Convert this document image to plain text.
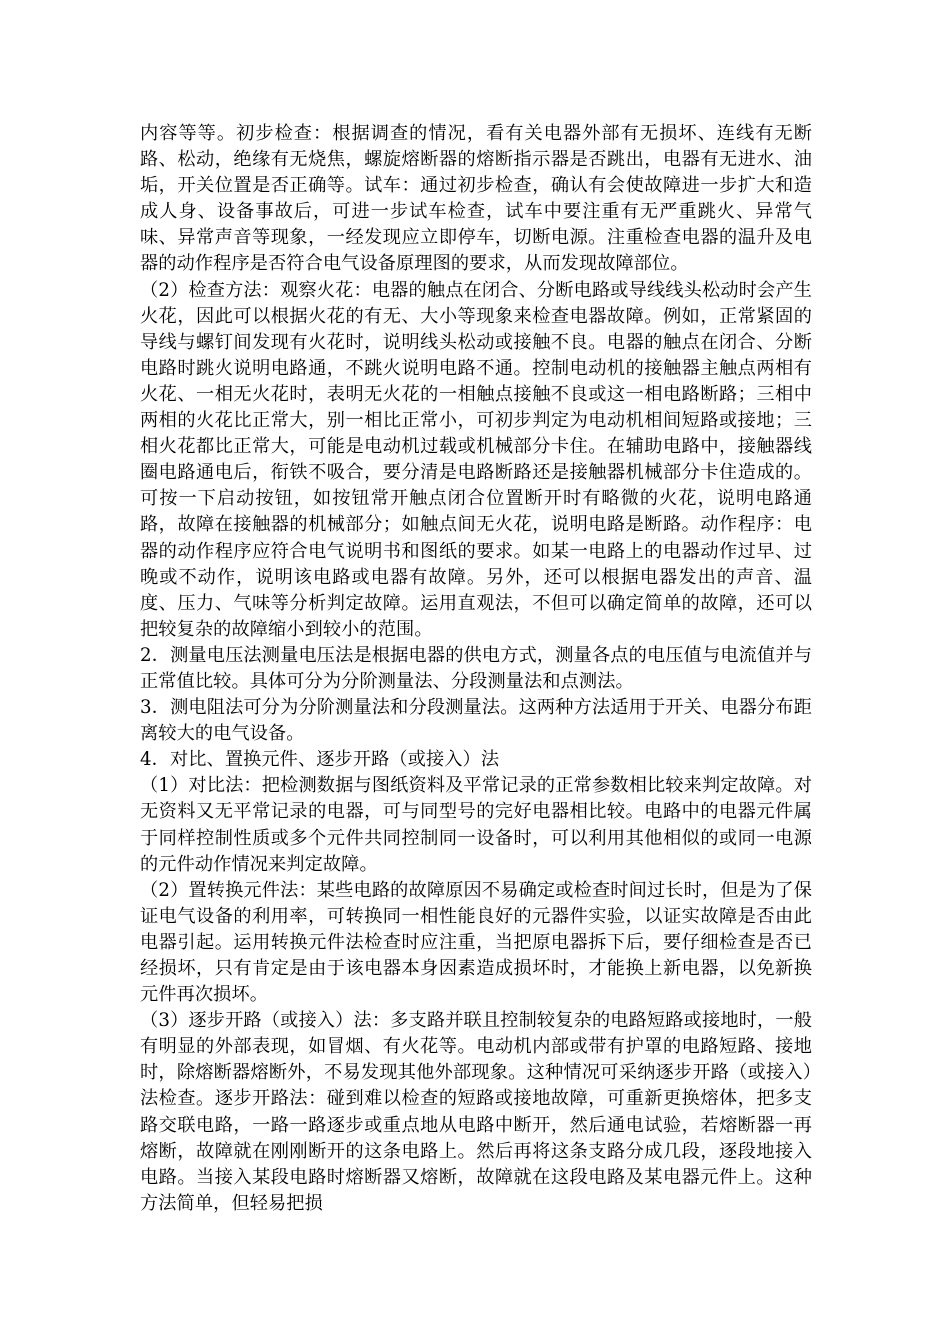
内容等等。初步检查：根据调查的情况，看有关电器外部有无损坏、连线有无断路、松动，绝缘有无烧焦，螺旋熔断器的熔断指示器是否跳出，电器有无进水、油垢，开关位置是否正确等。试车：通过初步检查，确认有会使故障进一步扩大和造成人身、设备事故后，可进一步试车检查，试车中要注重有无严重跳火、异常气味、异常声音等现象，一经发现应立即停车，切断电源。注重检查电器的温升及电器的动作程序是否符合电气设备原理图的要求，从而发现故障部位。

（2）检查方法：观察火花：电器的触点在闭合、分断电路或导线线头松动时会产生火花，因此可以根据火花的有无、大小等现象来检查电器故障。例如，正常紧固的导线与螺钉间发现有火花时，说明线头松动或接触不良。电器的触点在闭合、分断电路时跳火说明电路通，不跳火说明电路不通。控制电动机的接触器主触点两相有火花、一相无火花时，表明无火花的一相触点接触不良或这一相电路断路；三相中两相的火花比正常大，别一相比正常小，可初步判定为电动机相间短路或接地；三相火花都比正常大，可能是电动机过载或机械部分卡住。在辅助电路中，接触器线圈电路通电后，衔铁不吸合，要分清是电路断路还是接触器机械部分卡住造成的。可按一下启动按钮，如按钮常开触点闭合位置断开时有略微的火花，说明电路通路，故障在接触器的机械部分；如触点间无火花，说明电路是断路。动作程序：电器的动作程序应符合电气说明书和图纸的要求。如某一电路上的电器动作过早、过晚或不动作，说明该电路或电器有故障。另外，还可以根据电器发出的声音、温度、压力、气味等分析判定故障。运用直观法，不但可以确定简单的故障，还可以把较复杂的故障缩小到较小的范围。

2．测量电压法测量电压法是根据电器的供电方式，测量各点的电压值与电流值并与正常值比较。具体可分为分阶测量法、分段测量法和点测法。

3．测电阻法可分为分阶测量法和分段测量法。这两种方法适用于开关、电器分布距离较大的电气设备。

4．对比、置换元件、逐步开路（或接入）法

（1）对比法：把检测数据与图纸资料及平常记录的正常参数相比较来判定故障。对无资料又无平常记录的电器，可与同型号的完好电器相比较。电路中的电器元件属于同样控制性质或多个元件共同控制同一设备时，可以利用其他相似的或同一电源的元件动作情况来判定故障。

（2）置转换元件法：某些电路的故障原因不易确定或检查时间过长时，但是为了保证电气设备的利用率，可转换同一相性能良好的元器件实验，以证实故障是否由此电器引起。运用转换元件法检查时应注重，当把原电器拆下后，要仔细检查是否已经损坏，只有肯定是由于该电器本身因素造成损坏时，才能换上新电器，以免新换元件再次损坏。

（3）逐步开路（或接入）法：多支路并联且控制较复杂的电路短路或接地时，一般有明显的外部表现，如冒烟、有火花等。电动机内部或带有护罩的电路短路、接地时，除熔断器熔断外，不易发现其他外部现象。这种情况可采纳逐步开路（或接入）法检查。逐步开路法：碰到难以检查的短路或接地故障，可重新更换熔体，把多支路交联电路，一路一路逐步或重点地从电路中断开，然后通电试验，若熔断器一再熔断，故障就在刚刚断开的这条电路上。然后再将这条支路分成几段，逐段地接入电路。当接入某段电路时熔断器又熔断，故障就在这段电路及某电器元件上。这种方法简单，但轻易把损
